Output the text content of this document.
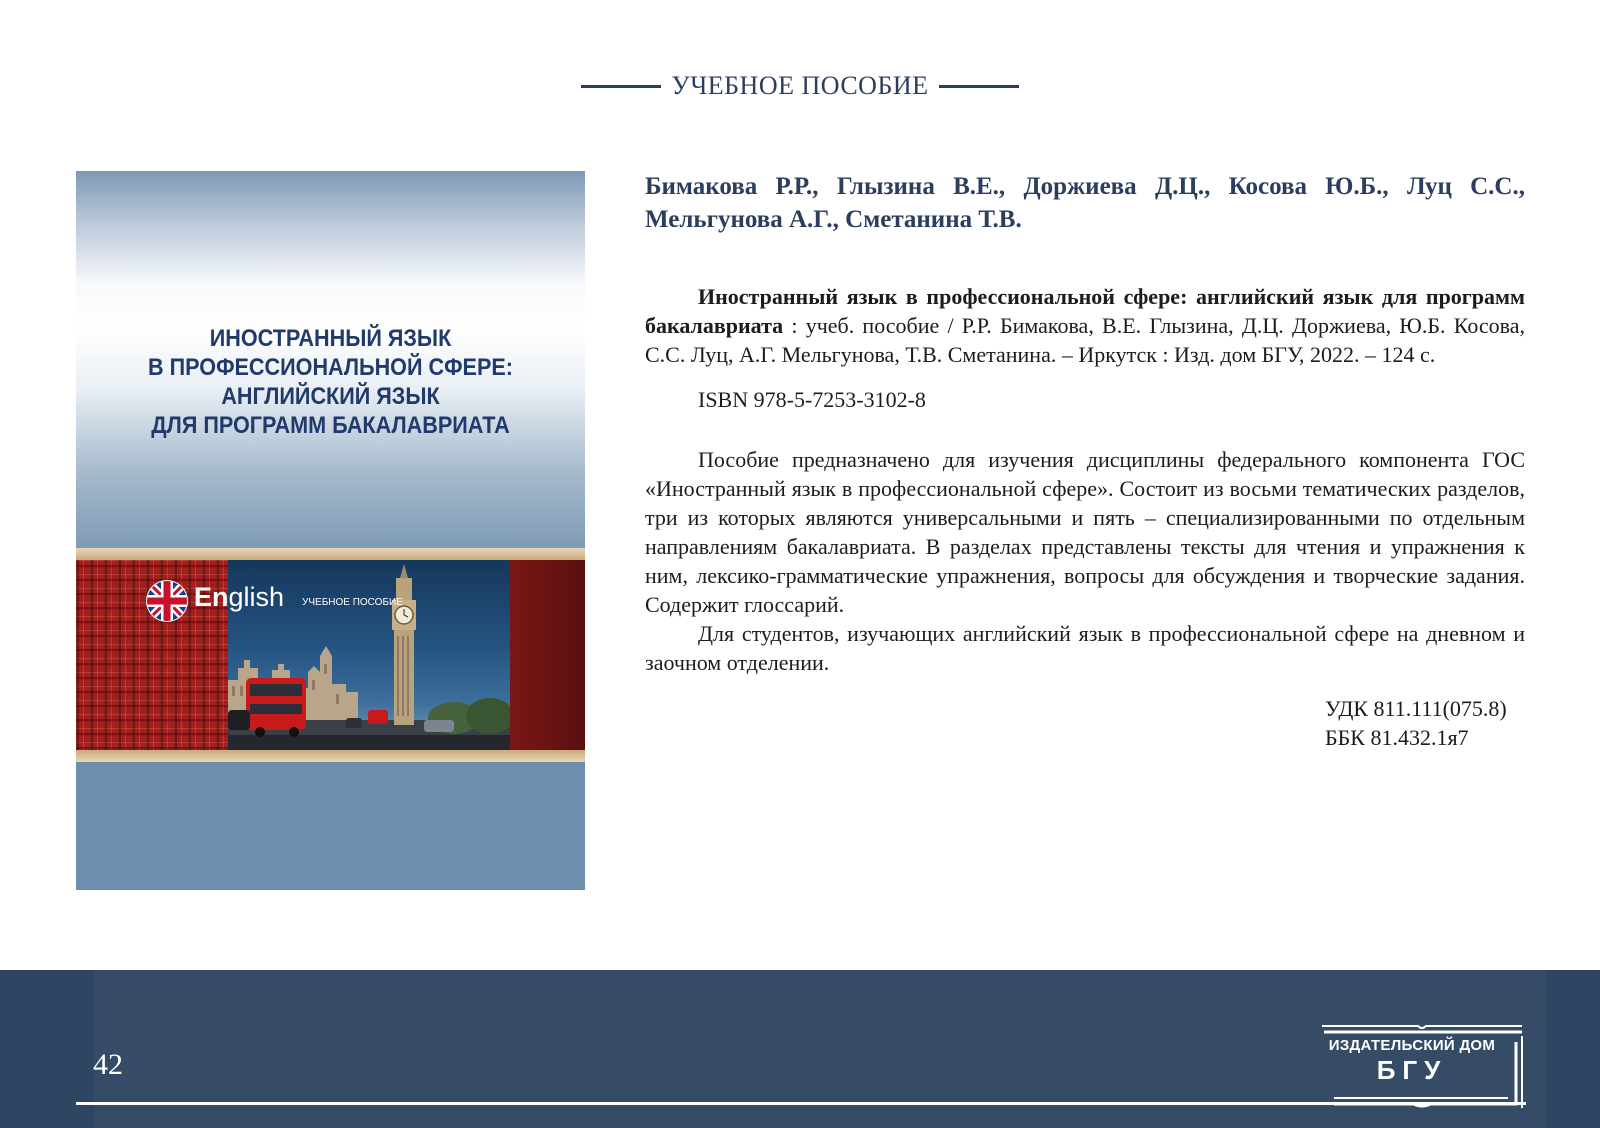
УЧЕБНОЕ ПОСОБИЕ
ИНОСТРАННЫЙ ЯЗЫК
В ПРОФЕССИОНАЛЬНОЙ СФЕРЕ:
АНГЛИЙСКИЙ ЯЗЫК
ДЛЯ ПРОГРАММ БАКАЛАВРИАТА
English УЧЕБНОЕ ПОСОБИЕ

Бимакова Р.Р., Глызина В.Е., Доржиева Д.Ц., Косова Ю.Б., Луц С.С., Мельгунова А.Г., Сметанина Т.В.

Иностранный язык в профессиональной сфере: английский язык для программ бакалавриата : учеб. пособие / Р.Р. Бимакова, В.Е. Глызина, Д.Ц. Доржиева, Ю.Б. Косова, С.С. Луц, А.Г. Мельгунова, Т.В. Сметанина. – Иркутск : Изд. дом БГУ, 2022. – 124 с.

ISBN 978-5-7253-3102-8

Пособие предназначено для изучения дисциплины федерального компонента ГОС «Иностранный язык в профессиональной сфере». Состоит из восьми тематических разделов, три из которых являются универсальными и пять – специализированными по отдельным направлениям бакалавриата. В разделах представлены тексты для чтения и упражнения к ним, лексико-грамматические упражнения, вопросы для обсуждения и творческие задания. Содержит глоссарий.

Для студентов, изучающих английский язык в профессиональной сфере на дневном и заочном отделении.

УДК 811.111(075.8)
ББК 81.432.1я7
42
ИЗДАТЕЛЬСКИЙ ДОМ
БГУ
